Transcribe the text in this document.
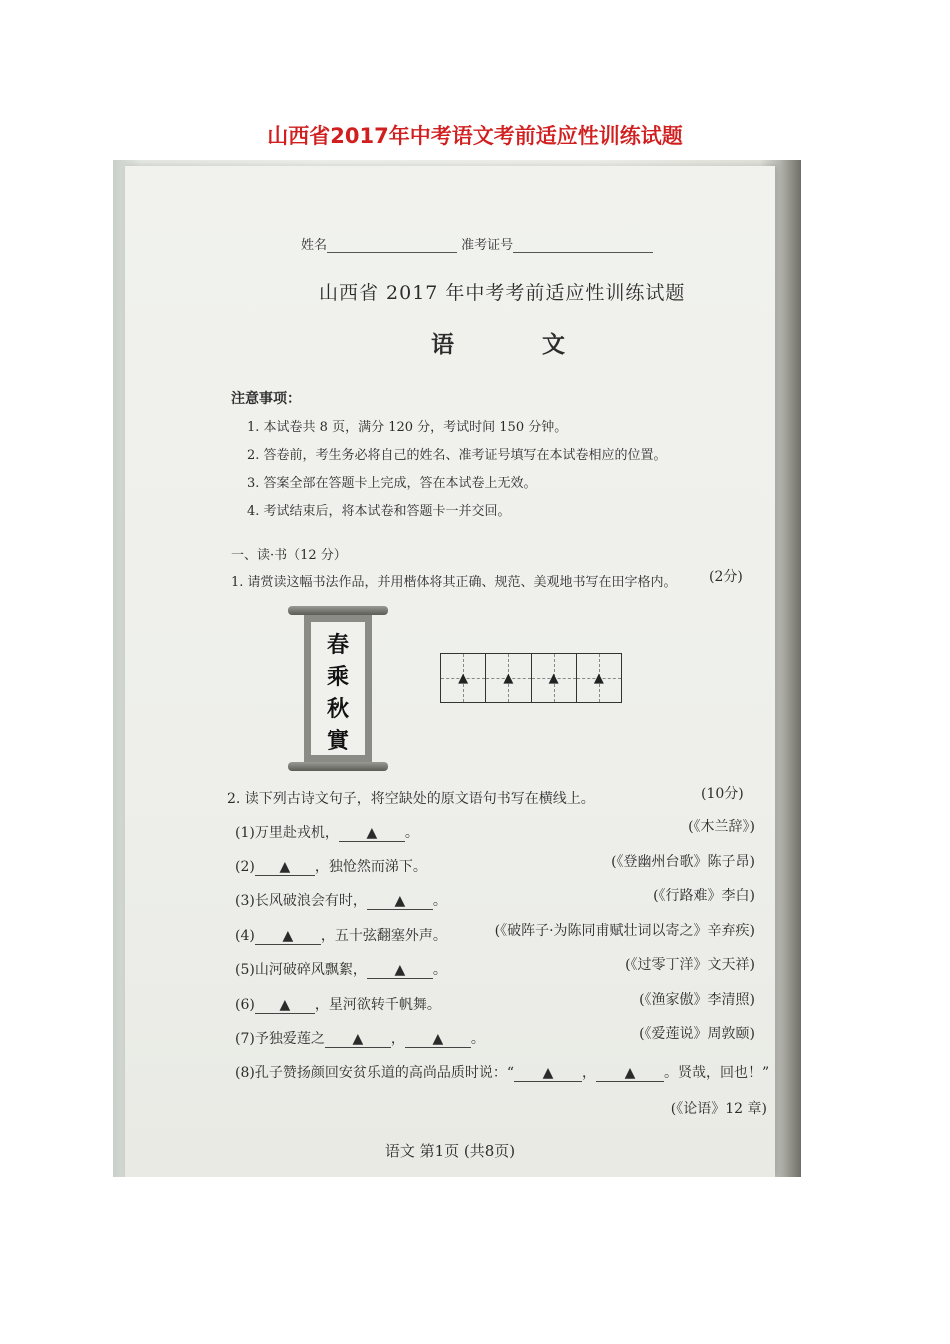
山西省2017年中考语文考前适应性训练试题
姓名	准考证号
山西省 2017 年中考考前适应性训练试题
语 文
注意事项：
1. 本试卷共 8 页，满分 120 分，考试时间 150 分钟。
2. 答卷前，考生务必将自己的姓名、准考证号填写在本试卷相应的位置。
3. 答案全部在答题卡上完成，答在本试卷上无效。
4. 考试结束后，将本试卷和答题卡一并交回。
一、读·书（12 分）
1. 请赏读这幅书法作品，并用楷体将其正确、规范、美观地书写在田字格内。 (2分)
春
乘
秋
實
▲	▲	▲	▲
2. 读下列古诗文句子，将空缺处的原文语句书写在横线上。	(10分)
(1)万里赴戎机， ▲ 。	(《木兰辞》)
(2) ▲ ，独怆然而涕下。	(《登幽州台歌》陈子昂)
(3)长风破浪会有时， ▲ 。	(《行路难》李白)
(4) ▲ ，五十弦翻塞外声。	(《破阵子·为陈同甫赋壮词以寄之》辛弃疾)
(5)山河破碎风飘絮， ▲ 。	(《过零丁洋》文天祥)
(6) ▲ ，星河欲转千帆舞。	(《渔家傲》李清照)
(7)予独爱莲之 ▲ ， ▲ 。	(《爱莲说》周敦颐)
(8)孔子赞扬颜回安贫乐道的高尚品质时说：“ ▲ ， ▲ 。贤哉，回也！”
(《论语》12 章)
语文 第1页 (共8页)
